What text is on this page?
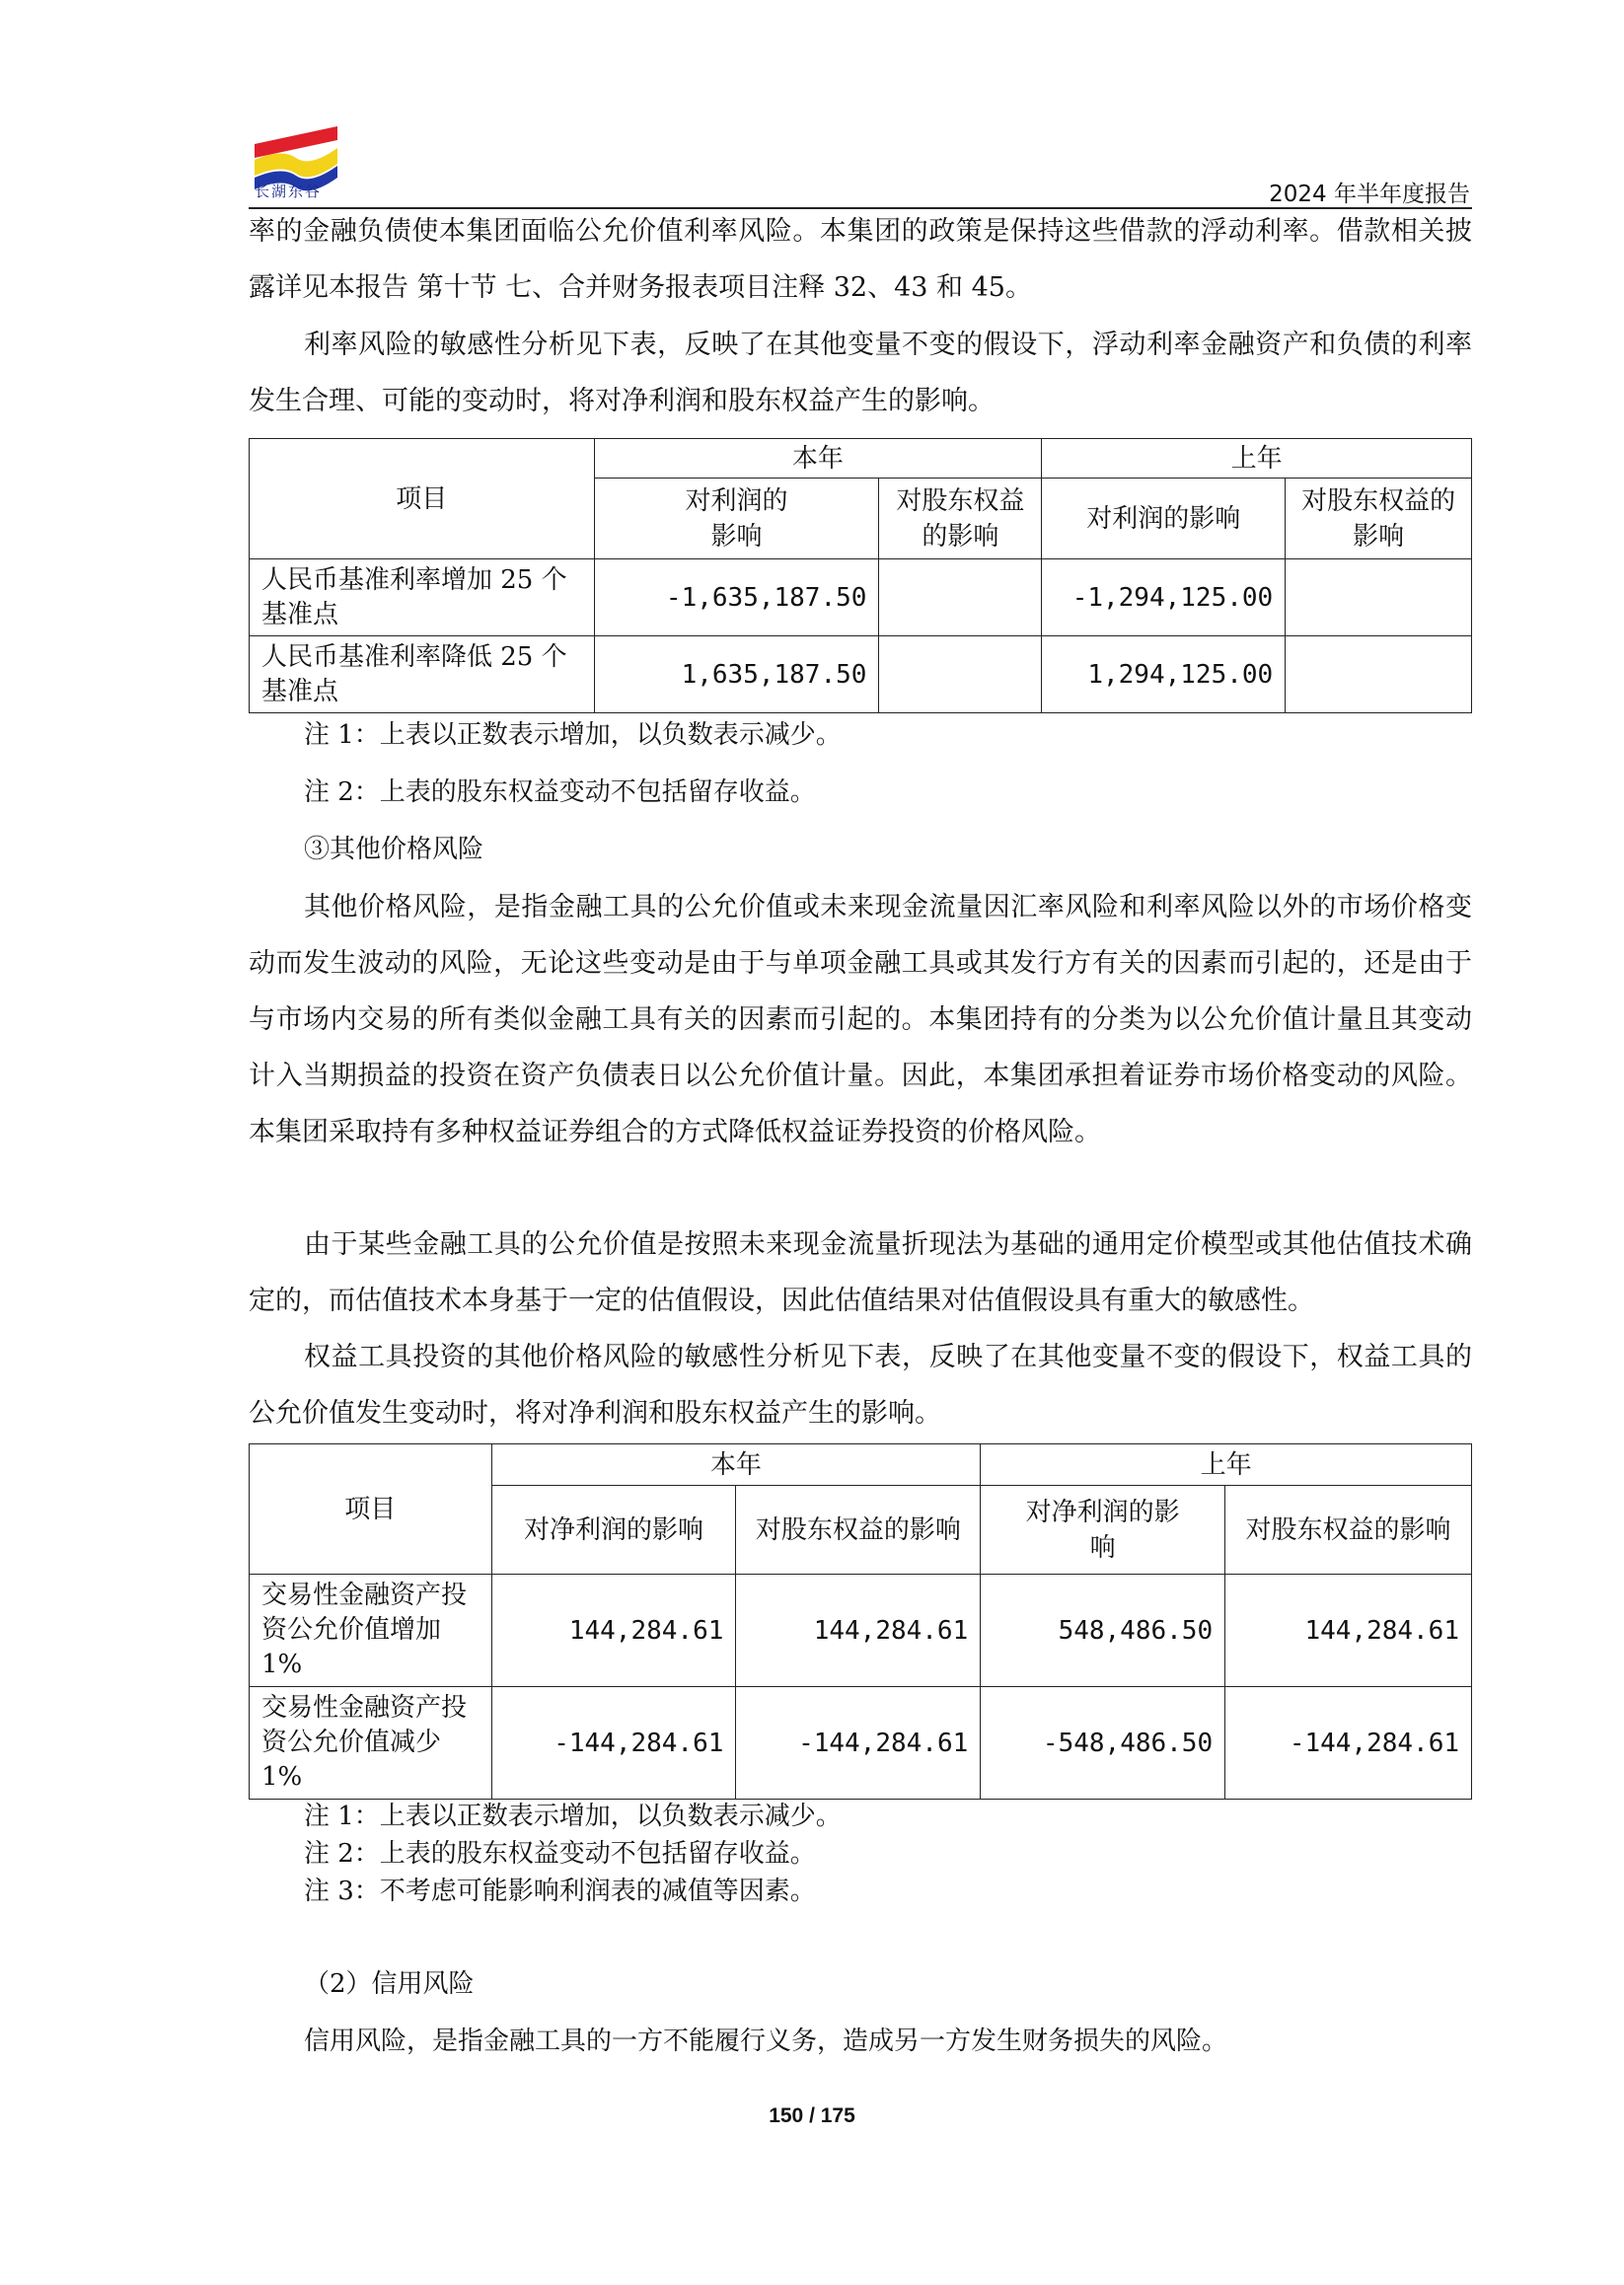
长湖东谷	2024 年半年度报告

率的金融负债使本集团面临公允价值利率风险。本集团的政策是保持这些借款的浮动利率。借款相关披露详见本报告 第十节 七、合并财务报表项目注释 32、43 和 45。

利率风险的敏感性分析见下表，反映了在其他变量不变的假设下，浮动利率金融资产和负债的利率发生合理、可能的变动时，将对净利润和股东权益产生的影响。

项目	本年		上年	
	对利润的影响	对股东权益的影响	对利润的影响	对股东权益的影响
人民币基准利率增加 25 个基准点	-1,635,187.50		-1,294,125.00	
人民币基准利率降低 25 个基准点	1,635,187.50		1,294,125.00	

注 1：上表以正数表示增加，以负数表示减少。

注 2：上表的股东权益变动不包括留存收益。

③其他价格风险

其他价格风险，是指金融工具的公允价值或未来现金流量因汇率风险和利率风险以外的市场价格变动而发生波动的风险，无论这些变动是由于与单项金融工具或其发行方有关的因素而引起的，还是由于与市场内交易的所有类似金融工具有关的因素而引起的。本集团持有的分类为以公允价值计量且其变动计入当期损益的投资在资产负债表日以公允价值计量。因此，本集团承担着证券市场价格变动的风险。本集团采取持有多种权益证券组合的方式降低权益证券投资的价格风险。

由于某些金融工具的公允价值是按照未来现金流量折现法为基础的通用定价模型或其他估值技术确定的，而估值技术本身基于一定的估值假设，因此估值结果对估值假设具有重大的敏感性。

权益工具投资的其他价格风险的敏感性分析见下表，反映了在其他变量不变的假设下，权益工具的公允价值发生变动时，将对净利润和股东权益产生的影响。

项目	本年		上年	
	对净利润的影响	对股东权益的影响	对净利润的影响	对股东权益的影响
交易性金融资产投资公允价值增加 1%	144,284.61	144,284.61	548,486.50	144,284.61
交易性金融资产投资公允价值减少 1%	-144,284.61	-144,284.61	-548,486.50	-144,284.61

注 1：上表以正数表示增加，以负数表示减少。

注 2：上表的股东权益变动不包括留存收益。

注 3：不考虑可能影响利润表的减值等因素。

（2）信用风险

信用风险，是指金融工具的一方不能履行义务，造成另一方发生财务损失的风险。

150 / 175
